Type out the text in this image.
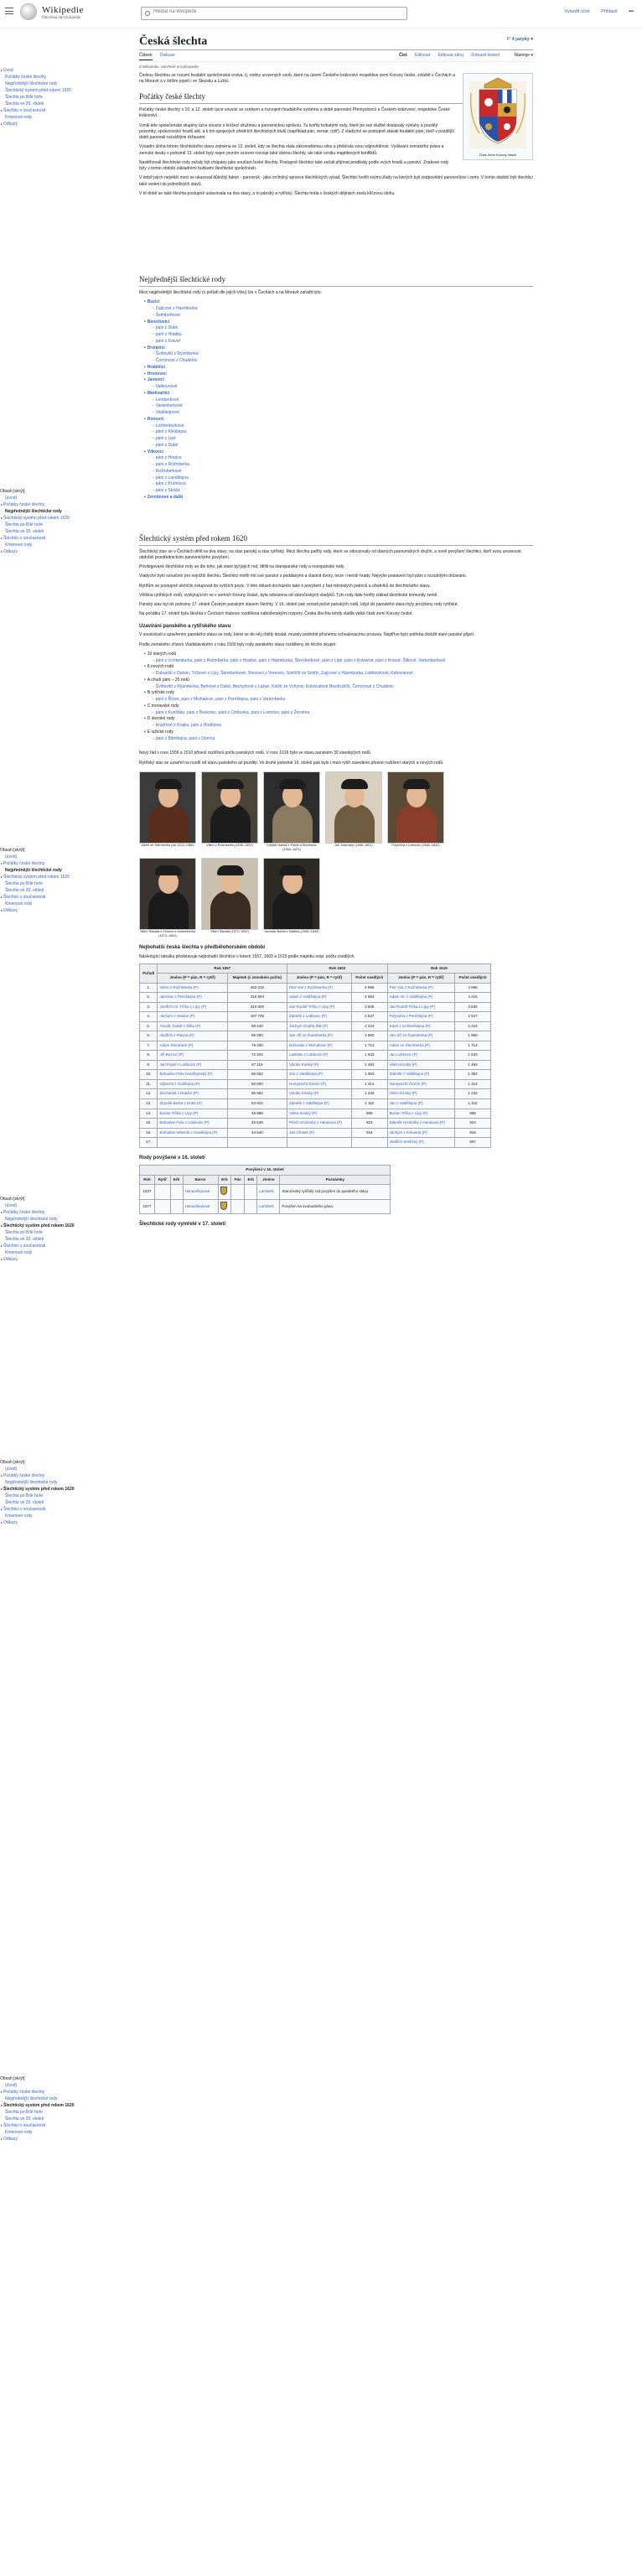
Wikipedie
Otevřená encyklopedie
Hledat na Wikipedii
Vytvořit účet Přihlásit •••
▸ Úvod
Počátky české šlechty
Nejpřednější šlechtické rody
Šlechtický systém před rokem 1620
Šlechta po Bílé hoře
Šlechta ve 20. století
▸ Šlechtici v současnosti
Kmenové rody
▸ Odkazy
Obsah [skrýt]
(úvod)
▸ Počátky české šlechty
Nejpřednější šlechtické rody
▸ Šlechtický systém před rokem 1620
Šlechta po Bílé hoře
Šlechta ve 20. století
▸ Šlechtici v současnosti
Kmenové rody
▸ Odkazy
Obsah [skrýt]
(úvod)
▸ Počátky české šlechty
Nejpřednější šlechtické rody
▸ Šlechtický systém před rokem 1620
Šlechta po Bílé hoře
Šlechta ve 20. století
▸ Šlechtici v současnosti
Kmenové rody
▸ Odkazy
Obsah [skrýt]
(úvod)
▸ Počátky české šlechty
Nejpřednější šlechtické rody
▸ Šlechtický systém před rokem 1620
Šlechta po Bílé hoře
Šlechta ve 20. století
▸ Šlechtici v současnosti
Kmenové rody
▸ Odkazy
Obsah [skrýt]
(úvod)
▸ Počátky české šlechty
Nejpřednější šlechtické rody
▸ Šlechtický systém před rokem 1620
Šlechta po Bílé hoře
Šlechta ve 20. století
▸ Šlechtici v současnosti
Kmenové rody
▸ Odkazy
Obsah [skrýt]
(úvod)
▸ Počátky české šlechty
Nejpřednější šlechtické rody
▸ Šlechtický systém před rokem 1620
Šlechta po Bílé hoře
Šlechta ve 20. století
▸ Šlechtici v současnosti
Kmenové rody
▸ Odkazy
Česká šlechta	⚐ 4 jazyky ▾
Článek Diskuse	Číst Editovat Editovat zdroj Zobrazit historii	Nástroje ▾
Z Wikipedie, otevřené encyklopedie
Znak Zemí Koruny české

Českou šlechtou se rozumí feudální společenská vrstva, tj. rodiny urozených osob, které na území Českého království respektive zemí Koruny české, zvláště v Čechách a na Moravě a v širším pojetí i ve Slezsku a Lužici.

Počátky české šlechty

Počátky české šlechty v 10. a 12. století úzce souvisí se vznikem a rozvojem feudálního systému a době panování Přemyslovců a Českém království, respektive České království.

Vznik této společenské skupiny úzce souvisí s knížecí družinou a panovnickou správou. Tu tvořily bohatými rody, které po své službě dostávaly výsluhy a později pozemky, správcovství hradů atd. a k tím spojených úředních šlechtických titulů (například pán, vernar, rytíř). Z vladyctví se postupně stávali feudální páni, kteří v pozdější době panovali rozsáhlými državami.

Výsadní úloha tohoto šlechtického stavu zejména ve 13. století, kdy se šlechta stala zákonodárnou silou a přebírala svou odpovědnost. Vydávání zemského práva a zemské desky v polovině 13. století byly nejen prvním vzorem rozvoje také úlohou šlechty, ale také vzniku majetkových konfliktů.

Nastěhovalí šlechtické rody začaly být chápány jako součást české šlechty. Postupně šlechtici také začali přijímat predikáty podle svých hradů a panství. Znakové rody byly v tomto období základními buňkami šlechtické společnosti.

V době jejich největší moci se ukazoval důležitý faktor - panovník - jako vrcholný správce šlechtických výsad. Šlechtici tvořili svými úřady na kterých byli zodpovědní panovníkovi i zemi. V tomto období byli šlechtici také vedení do jednotlivých stavů.

V té době se také šlechta postupně ustavovala na dva stavy, a to pánský a rytířský. Šlechta hrála v českých dějinách zcela klíčovou úlohu.

Nejpřednější šlechtické rody

Mezi nejpřednější šlechtické rody (v pořadí dle jejich vlivu) lze v Čechách a na Moravě zařadit tyto:

• Buzici
◦ Zajícové z Házmburka
◦ Šelmberkové
• Benešovici
◦ páni z Dubé
◦ páni z Hrádku
◦ páni z Kravař
• Drslavici
◦ Švihovští z Rýzmberka
◦ Černínové z Chudenic
• Hrabišici
• Hronovici
• Janovici
◦ Valkounové
• Markvartici
◦ Lemberkové
◦ Vartenberkové
◦ Valdštejnové
• Ronovci
◦ Lichtenburkové
◦ páni z Klinštejna
◦ páni z Lipé
◦ páni z Dubé
• Vítkovci
◦ páni z Hradce
◦ páni z Rožmberka
◦ Rožmberkové
◦ páni z Landštejna
◦ páni z Krumlova
◦ páni z Stráže
• Zerotínové a další
Šlechtický systém před rokem 1620

Šlechtický stav se v Čechách dělil na dva stavy: na stav panský a stav rytířský. Mezi šlechtu patřily rody, které se odvozovaly od dávných panovnických družin, a nově povýšení šlechtici, kteří svou urozenost obdrželi prostřednictvím panovnického povýšení.

Privilegované šlechtické rody se dle toho, jak staré byl jejich rod, dělili na staropanské rody a novopanské rody.

Vladyctví bylo označení pro nejnižší šlechtu. Šlechtici mohli mít své panství s poddanými a vlastnit dvory, tvrze i menší hrady. Nejvýše postavení byli páni s rozsáhlými državami.

Rytířům se postupně ulehčilo vstupovat do vyšších pozic. V této oblasti docházelo také k povýšení z řad městských patriciů a úředníků do šlechtického stavu.

Většina rytířských rodů, vyskytujících se v zemích Koruny české, byla odvozena od staročeských vladyků. Tyto rody dále tvořily základ šlechtické komunity země.

Panský stav byl do poloviny 17. století Českým panským stavem šlechty. V 16. století pak vzrostl počet panských rodů, když do panského stavu byly povýšeny rody rytířské.

Na počátku 17. století byla šlechta v Čechách hluboce rozdělena náboženskými rozpory. Česká šlechta tehdy vládla velké části zemí Koruny české.

Uzavírání panského a rytířského stavu

V souvislosti s uzavřením panského stavu se rody, které se do něj chtěly dostat, musely podrobit přísnému schvalovacímu procesu. Nejdříve bylo potřeba doložit staré panské přijetí.

Podle zemského zřízení Vladislavského z roku 1500 byly rody panského stavu rozděleny do těchto skupin:

• 10 starých rodů
◦ páni z Lichtenburka, páni z Rožmberka, páni z Hradce, páni z Házmburka, Šternberkové, páni z Lipé, páni z Kolowrat, páni z Kravař, Šlikové, Vartenberkové
• 8 nových rodů
◦ Dubanští z Duban, Trčkové z Lípy, Šternberkové, Vresovci z Vresovic, Smiřičtí ze Smiřic, Zajícové z Házmburka, Lobkovicové, Kolovratové
• A chudí páni – 25 rodů
◦ Švihovští z Rýzmberka, Berkové z Dubé, Bechyňové z Lažan, Kinští ze Vchynic, Kolovratové Bezdružičtí, Černínové z Chudenic
• B rytířské rody
◦ páni z Říčan, páni z Michalovic, páni z Pernštejna, páni z Vartenberka
• C moravské rody
◦ páni z Kunštátu, páni z Boskovic, páni z Cimburka, páni z Lomnice, páni z Žerotína
• D slezské rody
◦ Krajířové z Krajku, páni z Hodějova
• E lužické rody
◦ páni z Bibrštejna, páni z Donína

Nový řád v roce 1556 a 1610 přinesl rozšíření počtu panských rodů. V roce 1616 bylo ve stavu panském 30 starobylých rodů.

Rytířský stav se uzavřel na rozdíl od stavu panského až později. Ve druhé polovině 16. století pak bylo i mezi rytíři zavedeno přesné rozlišení starých a nových rodů.

Albert ze Šternberka (asi 1322–1380)	Vilém z Rožmberka (1535–1592)	Kryštof Harant z Polžic a Bezdružic (1564–1621)
Jan Jesenský (1566–1621)	Polyxena z Lobkovic (1566–1642)
Vilém Slavata z Chlumu a Košumberka (1572–1652)
Vilém Slavata (1572–1652)	Jaroslav Bořita z Martinic (1582–1649)
Nejbohatší česká šlechta v předbělohorském období

Následující tabulka představuje nejbohatší šlechtice v letech 1557, 1603 a 1615 podle majetku resp. počtu osedlých.

Pořadí	Rok 1557		Rok 1603		Rok 1615	
	Jméno (P = pán, R = rytíř)	Majetek (v zemském počtu)	Jméno (P = pán, R = rytíř)	Počet osedlých	Jméno (P = pán, R = rytíř)	Počet osedlých
1.	Vilém z Rožmberka (P)	462 016	Petr Vok z Rožmberka (P)	4 996	Petr Vok z Rožmberka (P)	4 996
2.	Jaroslav z Pernštejna (P)	315 804	Adam z Valdštejna (P)	4 683	Adam ml. z Valdštejna (P)	4 215
3.	Jindřich ml. Trčka z Lípy (P)	210 600	Jan Rudolf Trčka z Lípy (P)	3 845	Jan Rudolf Trčka z Lípy (P)	3 845
4.	Jáchym z Hradce (P)	187 746	Zdeněk z Lobkovic (P)	2 547	Polyxena z Pernštejna (P)	2 547
5.	Arnošt, hrabě z Šliku (P)	99 240	Jáchym Ondřej Šlik (P)	2 224	Karel z Lichtenštejna (P)	2 224
6.	Jindřich z Plavna (P)	96 000	Jan Jiří ze Švamberka (P)	1 960	Jan Jiří ze Švamberka (P)	1 960
7.	Adam Šternberk (P)	79 200	Bohuslav z Michalovic (P)	1 714	Adam ze Šternberka (P)	1 714
8.	Jiří Bezruč (P)	72 204	Ladislav z Lobkovic (P)	1 533	Jan Lobkovic (P)	1 533
9.	Jan Popel z Lobkovic (P)	67 116	Václav Kinský (P)	1 483	Vilém Kinský (P)	1 483
10.	Bohuslav Felix Hasištejnský (P)	66 552	Jan z Valdštejna (P)	1 353	Zdeněk z Valdštejna (P)	1 353
11.	Albrecht z Gutštejna (P)	60 000	Humprecht Černín (P)	1 314	Humprecht Černín (P)	1 314
12.	Zachariáš z Hradce (P)	55 862	Václav Kinský (P)	1 232	Vilém Kinský (P)	1 232
13.	Zbyněk Berka z Dubé (P)	53 910	Zdeněk z Valdštejna (P)	1 110	Jan z Valdštejna (P)	1 110
14.	Burian Trčka z Lípy (P)	49 999	Vilém Kinský (P)	958	Burian Trčka z Lípy (P)	958
15.	Bohuslav Felix z Lobkovic (P)	45 648	Přech Hrzánský z Harasova (P)	923	Zdeněk Hrzánský z Harasova (P)	923
16.	Bohuslav Velemík z Hasištejna (P)	44 640	Jan Chotek (P)	916	Jáchym z Kolowrat (P)	916
17.					Jindřich Smiřický (P)	907
Rody povýšené v 16. století
Povýšení v 16. století								
Rok	Rytíř	Erb	Baron	Erb	Pán	Erb	Jméno	Poznámky
1537			Hanavštejnové				Lamberk	Staročeský rytířský rod povýšen do panského stavu.
1577			Hanavštejnové				Lamberk	Povýšen na svobodného pána.
Šlechtické rody vymřelé v 17. století
